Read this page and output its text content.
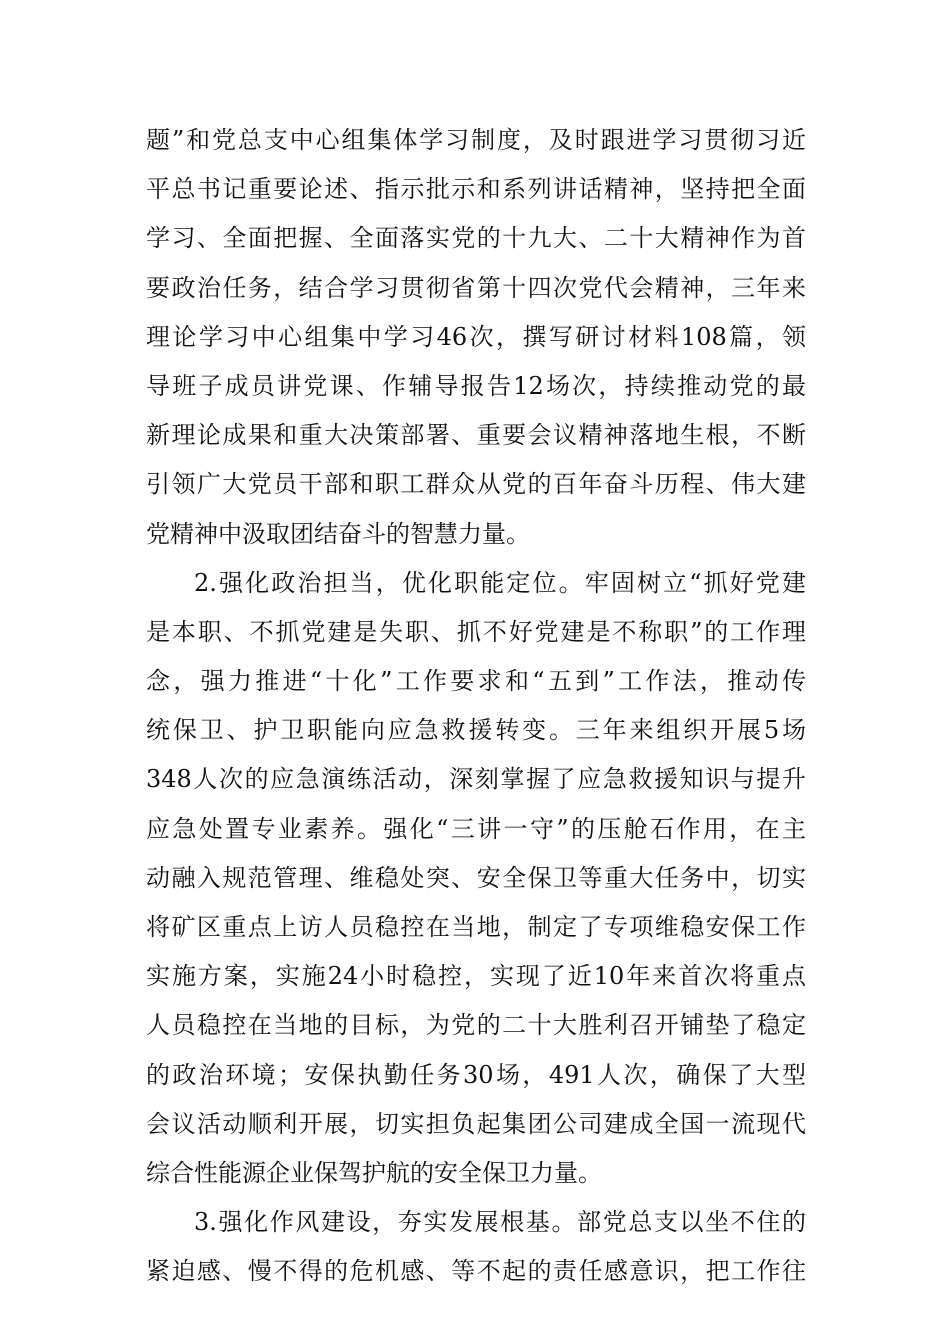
题”和党总支中心组集体学习制度，及时跟进学习贯彻习近
平总书记重要论述、指示批示和系列讲话精神，坚持把全面
学习、全面把握、全面落实党的十九大、二十大精神作为首
要政治任务，结合学习贯彻省第十四次党代会精神，三年来
理论学习中心组集中学习46次，撰写研讨材料108篇，领
导班子成员讲党课、作辅导报告12场次，持续推动党的最
新理论成果和重大决策部署、重要会议精神落地生根，不断
引领广大党员干部和职工群众从党的百年奋斗历程、伟大建
党精神中汲取团结奋斗的智慧力量。
2.强化政治担当，优化职能定位。牢固树立“抓好党建
是本职、不抓党建是失职、抓不好党建是不称职”的工作理
念，强力推进“十化”工作要求和“五到”工作法，推动传
统保卫、护卫职能向应急救援转变。三年来组织开展5场
348人次的应急演练活动，深刻掌握了应急救援知识与提升
应急处置专业素养。强化“三讲一守”的压舱石作用，在主
动融入规范管理、维稳处突、安全保卫等重大任务中，切实
将矿区重点上访人员稳控在当地，制定了专项维稳安保工作
实施方案，实施24小时稳控，实现了近10年来首次将重点
人员稳控在当地的目标，为党的二十大胜利召开铺垫了稳定
的政治环境；安保执勤任务30场，491人次，确保了大型
会议活动顺利开展，切实担负起集团公司建成全国一流现代
综合性能源企业保驾护航的安全保卫力量。
3.强化作风建设，夯实发展根基。部党总支以坐不住的
紧迫感、慢不得的危机感、等不起的责任感意识，把工作往
